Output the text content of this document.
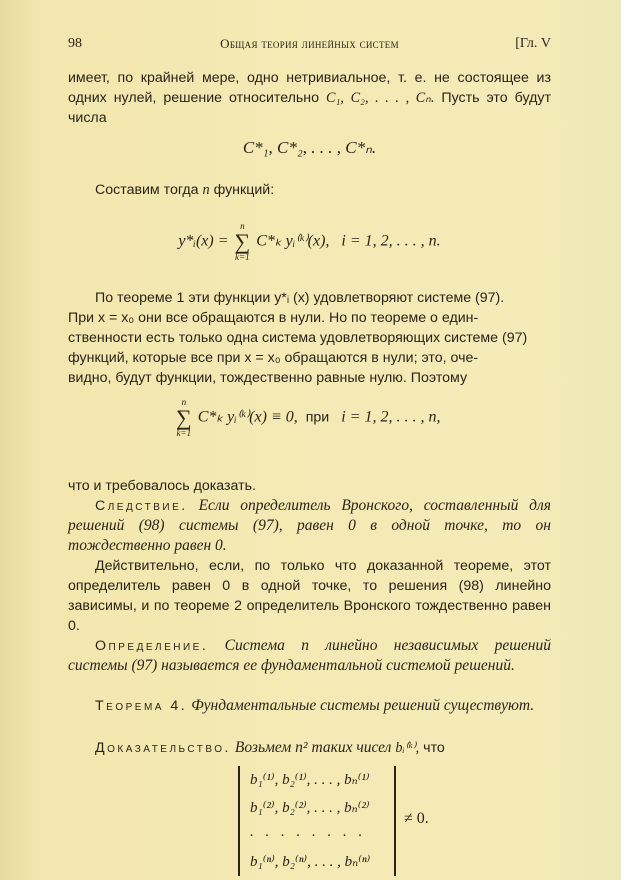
98	Общая теория линейных систем	[Гл. V

имеет, по крайней мере, одно нетривиальное, т. е. не состоящее из одних нулей, решение относительно C₁, C₂, . . . , Cₙ. Пусть это будут числа

C*₁, C*₂, . . . , C*ₙ.

Составим тогда n функций:

y*ᵢ(x) =
n
∑
k=1
C*ₖ yᵢ⁽ᵏ⁾(x), i = 1, 2, . . . , n.

По теореме 1 эти функции y*ᵢ (x) удовлетворяют системе (97).

При x = x₀ они все обращаются в нули. Но по теореме о един-

ственности есть только одна система удовлетворяющих системе (97)

функций, которые все при x = x₀ обращаются в нули; это, оче-

видно, будут функции, тождественно равные нулю. Поэтому

n
∑
k=1
C*ₖ yᵢ⁽ᵏ⁾(x) ≡ 0, при i = 1, 2, . . . , n,

что и требовалось доказать.

Следствие. Если определитель Вронского, составленный для решений (98) системы (97), равен 0 в одной точке, то он тождественно равен 0.

Действительно, если, по только что доказанной теореме, этот определитель равен 0 в одной точке, то решения (98) линейно зависимы, и по теореме 2 определитель Вронского тождественно равен 0.

Определение. Система n линейно независимых решений системы (97) называется ее фундаментальной системой решений.

Теорема 4. Фундаментальные системы решений существуют.

Доказательство. Возьмем n² таких чисел bᵢ⁽ᵏ⁾, что

b₁⁽¹⁾, b₂⁽¹⁾, . . . , bₙ⁽¹⁾
b₁⁽²⁾, b₂⁽²⁾, . . . , bₙ⁽²⁾
. . . . . . . .
b₁⁽ⁿ⁾, b₂⁽ⁿ⁾, . . . , bₙ⁽ⁿ⁾
≠ 0.
